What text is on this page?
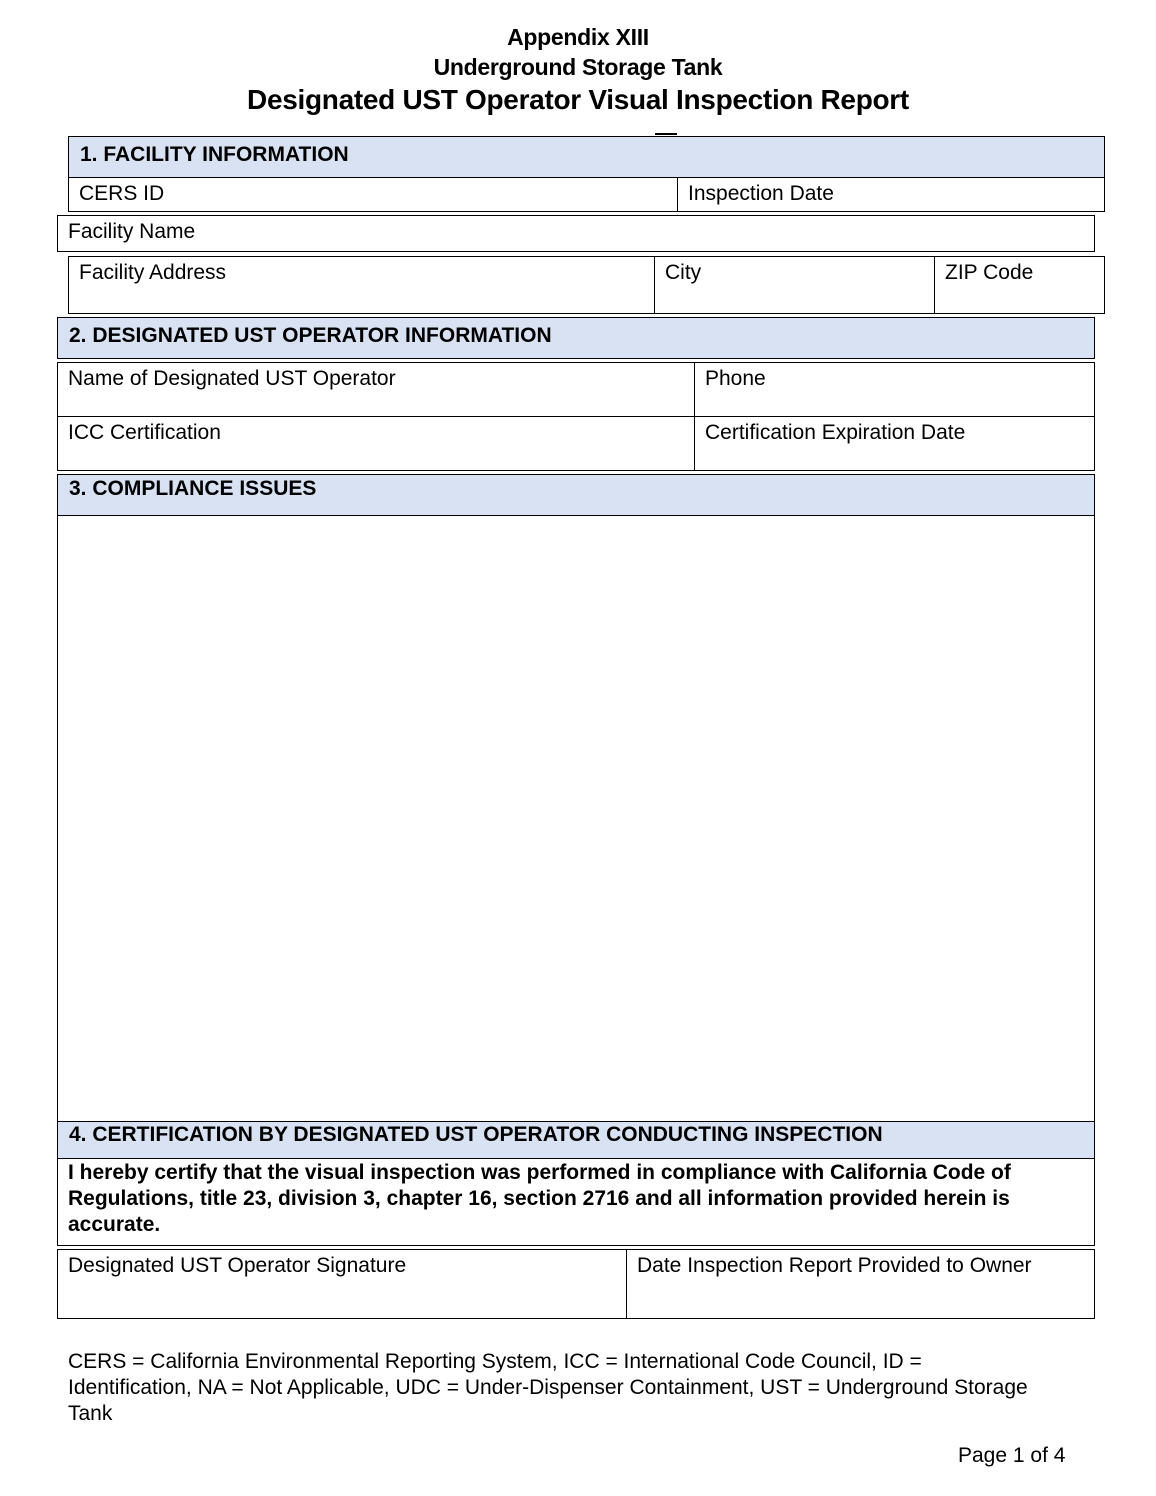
Appendix XIII
Underground Storage Tank
Designated UST Operator Visual Inspection Report
1. FACILITY INFORMATION
CERS ID	Inspection Date
Facility Name
Facility Address	City	ZIP Code
2. DESIGNATED UST OPERATOR INFORMATION
Name of Designated UST Operator	Phone
ICC Certification	Certification Expiration Date
3. COMPLIANCE ISSUES
4. CERTIFICATION BY DESIGNATED UST OPERATOR CONDUCTING INSPECTION
I hereby certify that the visual inspection was performed in compliance with California Code of Regulations, title 23, division 3, chapter 16, section 2716 and all information provided herein is accurate.
Designated UST Operator Signature	Date Inspection Report Provided to Owner
CERS = California Environmental Reporting System, ICC = International Code Council, ID = Identification, NA = Not Applicable, UDC = Under-Dispenser Containment, UST = Underground Storage Tank
Page 1 of 4
